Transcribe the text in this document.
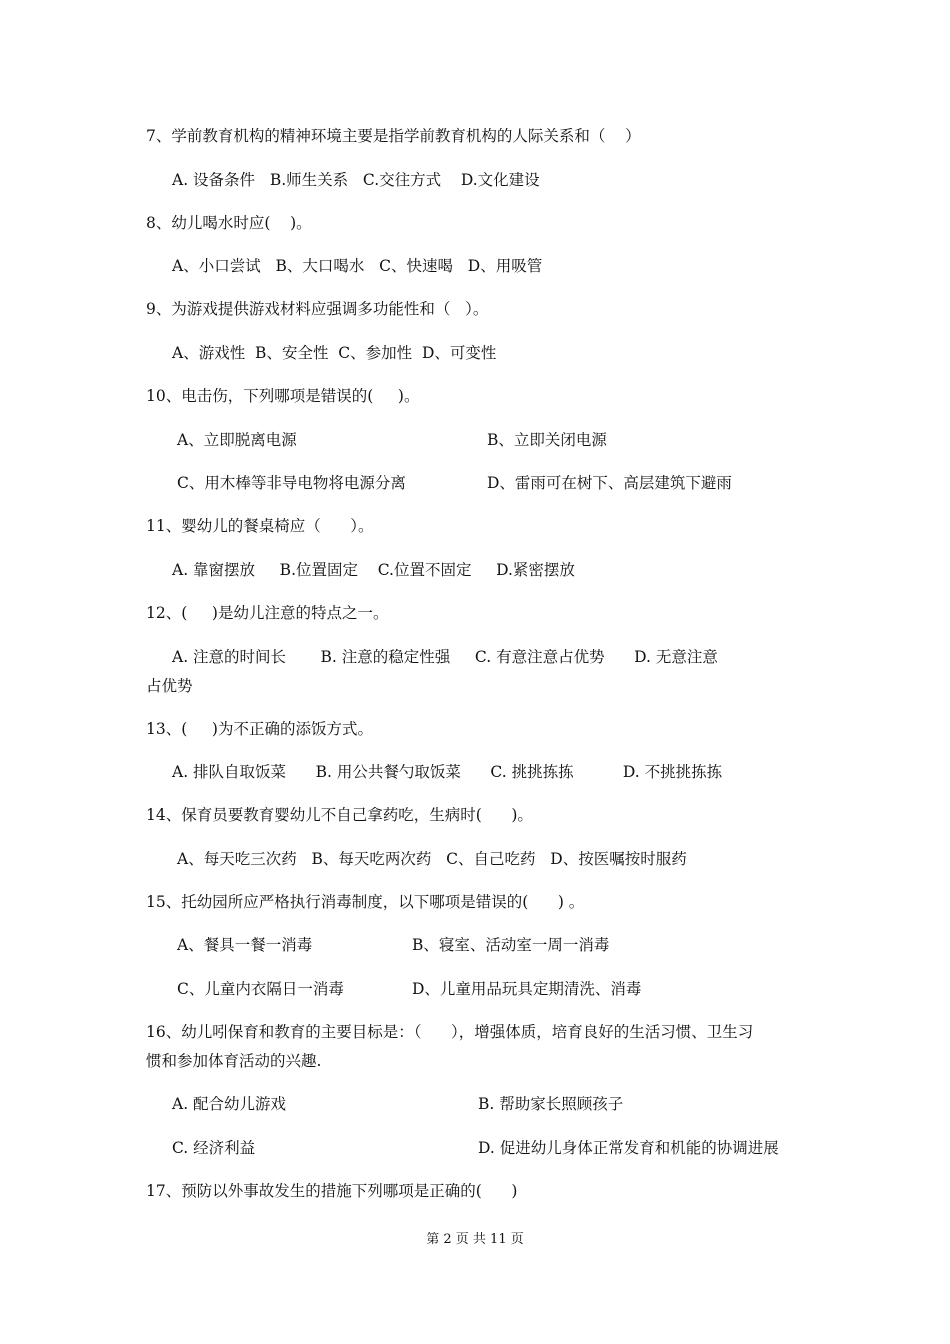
7、学前教育机构的精神环境主要是指学前教育机构的人际关系和（    ）
A. 设备条件   B.师生关系   C.交往方式    D.文化建设
8、幼儿喝水时应(    )。
A、小口尝试   B、大口喝水   C、快速喝   D、用吸管
9、为游戏提供游戏材料应强调多功能性和（   ）。
A、游戏性  B、安全性  C、参加性  D、可变性
10、电击伤，下列哪项是错误的(     )。
A、立即脱离电源	B、立即关闭电源
C、用木棒等非导电物将电源分离	D、雷雨可在树下、高层建筑下避雨
11、婴幼儿的餐桌椅应（      ）。
A. 靠窗摆放     B.位置固定    C.位置不固定     D.紧密摆放
12、(     )是幼儿注意的特点之一。
A. 注意的时间长       B. 注意的稳定性强     C. 有意注意占优势      D. 无意注意
占优势
13、(     )为不正确的添饭方式。
A. 排队自取饭菜      B. 用公共餐勺取饭菜      C. 挑挑拣拣          D. 不挑挑拣拣
14、保育员要教育婴幼儿不自己拿药吃，生病时(      )。
A、每天吃三次药   B、每天吃两次药   C、自己吃药   D、按医嘱按时服药
15、托幼园所应严格执行消毒制度，以下哪项是错误的(      ) 。
A、餐具一餐一消毒	B、寝室、活动室一周一消毒
C、儿童内衣隔日一消毒	D、儿童用品玩具定期清洗、消毒
16、幼儿吲保育和教育的主要目标是：（      ），增强体质，培育良好的生活习惯、卫生习
惯和参加体育活动的兴趣.
A. 配合幼儿游戏	B. 帮助家长照顾孩子
C. 经济利益	D. 促进幼儿身体正常发育和机能的协调进展
17、预防以外事故发生的措施下列哪项是正确的(      )
第 2 页 共 11 页
